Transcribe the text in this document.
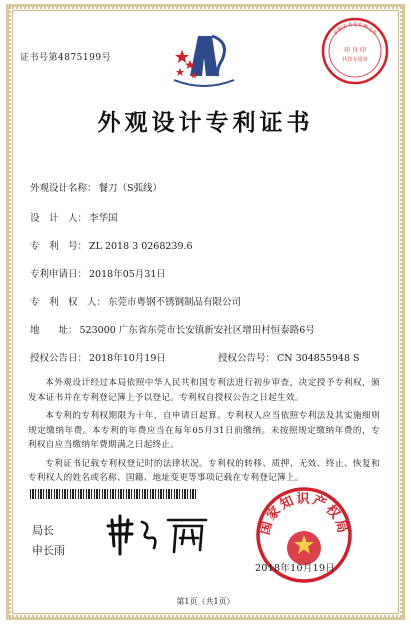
证书号第4875199号
印 良 印
代印专用章
专利证书及专利文件
外观设计专利证书
外观设计名称： 餐刀（S弧线）
设　计　人： 李华国
专　利　号： ZL 2018 3 0268239.6
专利申请日： 2018年05月31日
专　利　权　人： 东莞市粤钢不锈钢制品有限公司
地　　址： 523000 广东省东莞市长安镇新安社区增田村恒泰路6号
授权公告日： 2018年10月19日	授权公告号： CN 304855948 S

本外观设计经过本局依照中华人民共和国专利法进行初步审查，决定授予专利权，颁发本证书并在专利登记簿上予以登记。专利权自授权公告之日起生效。

本专利的专利权期限为十年，自申请日起算。专利权人应当依照专利法及其实施细则规定缴纳年费。本专利的年费应当在每年05月31日前缴纳。未按照规定缴纳年费的，专利权自应当缴纳年费期满之日起终止。

专利证书记载专利权登记时的法律状况。专利权的转移、质押、无效、终止、恢复和专利权人的姓名或名称、国籍、地址变更等事项记载在专利登记簿上。

局长
申长雨
国家知识产权局
2018年10月19日
第1页（共1页）
